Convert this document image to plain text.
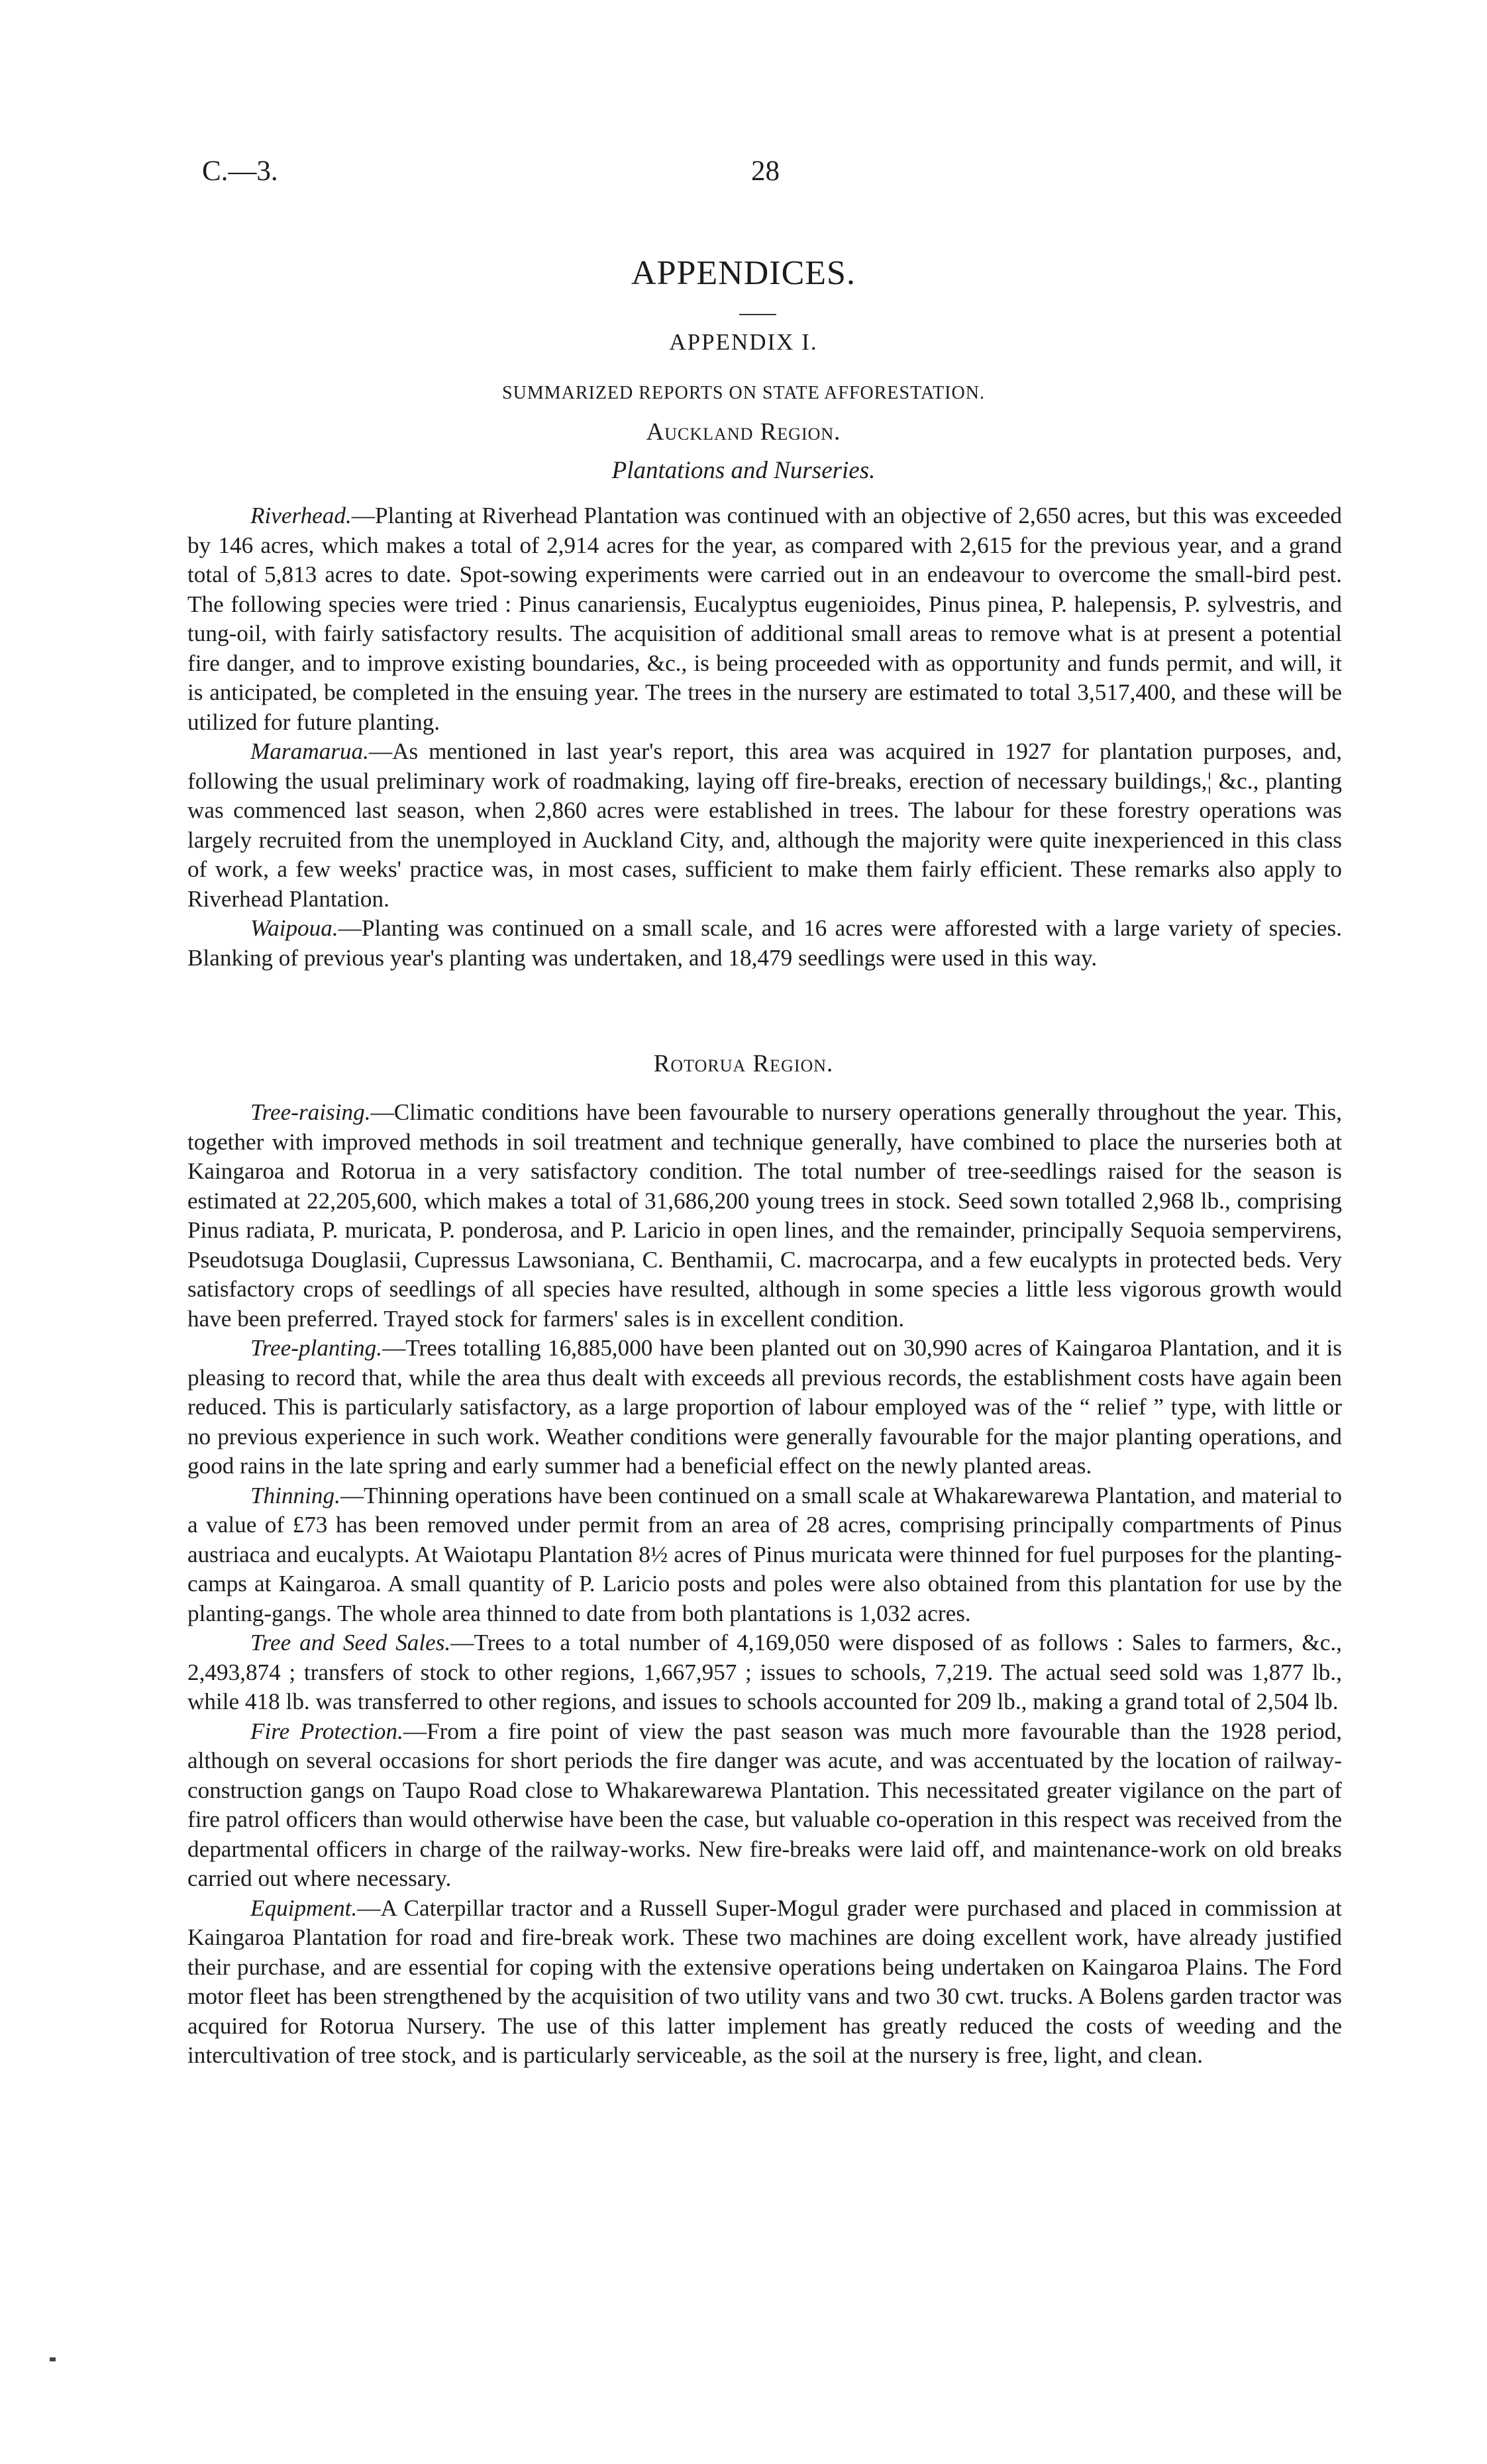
C.—3.	28
APPENDICES.
APPENDIX I.
SUMMARIZED REPORTS ON STATE AFFORESTATION.
Auckland Region.
Plantations and Nurseries.

Riverhead.—Planting at Riverhead Plantation was continued with an objective of 2,650 acres, but this was exceeded by 146 acres, which makes a total of 2,914 acres for the year, as compared with 2,615 for the previous year, and a grand total of 5,813 acres to date. Spot-sowing experiments were carried out in an endeavour to overcome the small-bird pest. The following species were tried : Pinus canariensis, Eucalyptus eugenioides, Pinus pinea, P. halepensis, P. sylvestris, and tung-oil, with fairly satisfactory results. The acquisition of additional small areas to remove what is at present a potential fire danger, and to improve existing boundaries, &c., is being proceeded with as opportunity and funds permit, and will, it is anticipated, be completed in the ensuing year. The trees in the nursery are estimated to total 3,517,400, and these will be utilized for future planting.

Maramarua.—As mentioned in last year's report, this area was acquired in 1927 for plantation purposes, and, following the usual preliminary work of roadmaking, laying off fire-breaks, erection of necessary buildings,¦ &c., planting was commenced last season, when 2,860 acres were established in trees. The labour for these forestry operations was largely recruited from the unemployed in Auckland City, and, although the majority were quite inexperienced in this class of work, a few weeks' practice was, in most cases, sufficient to make them fairly efficient. These remarks also apply to Riverhead Plantation.

Waipoua.—Planting was continued on a small scale, and 16 acres were afforested with a large variety of species. Blanking of previous year's planting was undertaken, and 18,479 seedlings were used in this way.

Rotorua Region.

Tree-raising.—Climatic conditions have been favourable to nursery operations generally throughout the year. This, together with improved methods in soil treatment and technique generally, have combined to place the nurseries both at Kaingaroa and Rotorua in a very satisfactory condition. The total number of tree-seedlings raised for the season is estimated at 22,205,600, which makes a total of 31,686,200 young trees in stock. Seed sown totalled 2,968 lb., comprising Pinus radiata, P. muricata, P. ponderosa, and P. Laricio in open lines, and the remainder, principally Sequoia sempervirens, Pseudotsuga Douglasii, Cupressus Lawsoniana, C. Benthamii, C. macrocarpa, and a few eucalypts in protected beds. Very satisfactory crops of seedlings of all species have resulted, although in some species a little less vigorous growth would have been preferred. Trayed stock for farmers' sales is in excellent condition.

Tree-planting.—Trees totalling 16,885,000 have been planted out on 30,990 acres of Kaingaroa Plantation, and it is pleasing to record that, while the area thus dealt with exceeds all previous records, the establishment costs have again been reduced. This is particularly satisfactory, as a large proportion of labour employed was of the “ relief ” type, with little or no previous experience in such work. Weather conditions were generally favourable for the major planting operations, and good rains in the late spring and early summer had a beneficial effect on the newly planted areas.

Thinning.—Thinning operations have been continued on a small scale at Whakarewarewa Plantation, and material to a value of £73 has been removed under permit from an area of 28 acres, comprising principally compartments of Pinus austriaca and eucalypts. At Waiotapu Plantation 8½ acres of Pinus muricata were thinned for fuel purposes for the planting-camps at Kaingaroa. A small quantity of P. Laricio posts and poles were also obtained from this plantation for use by the planting-gangs. The whole area thinned to date from both plantations is 1,032 acres.

Tree and Seed Sales.—Trees to a total number of 4,169,050 were disposed of as follows : Sales to farmers, &c., 2,493,874 ; transfers of stock to other regions, 1,667,957 ; issues to schools, 7,219. The actual seed sold was 1,877 lb., while 418 lb. was transferred to other regions, and issues to schools accounted for 209 lb., making a grand total of 2,504 lb.

Fire Protection.—From a fire point of view the past season was much more favourable than the 1928 period, although on several occasions for short periods the fire danger was acute, and was accentuated by the location of railway-construction gangs on Taupo Road close to Whakarewarewa Plantation. This necessitated greater vigilance on the part of fire patrol officers than would otherwise have been the case, but valuable co-operation in this respect was received from the departmental officers in charge of the railway-works. New fire-breaks were laid off, and maintenance-work on old breaks carried out where necessary.

Equipment.—A Caterpillar tractor and a Russell Super-Mogul grader were purchased and placed in commission at Kaingaroa Plantation for road and fire-break work. These two machines are doing excellent work, have already justified their purchase, and are essential for coping with the extensive operations being undertaken on Kaingaroa Plains. The Ford motor fleet has been strengthened by the acquisition of two utility vans and two 30 cwt. trucks. A Bolens garden tractor was acquired for Rotorua Nursery. The use of this latter implement has greatly reduced the costs of weeding and the intercultivation of tree stock, and is particularly serviceable, as the soil at the nursery is free, light, and clean.
